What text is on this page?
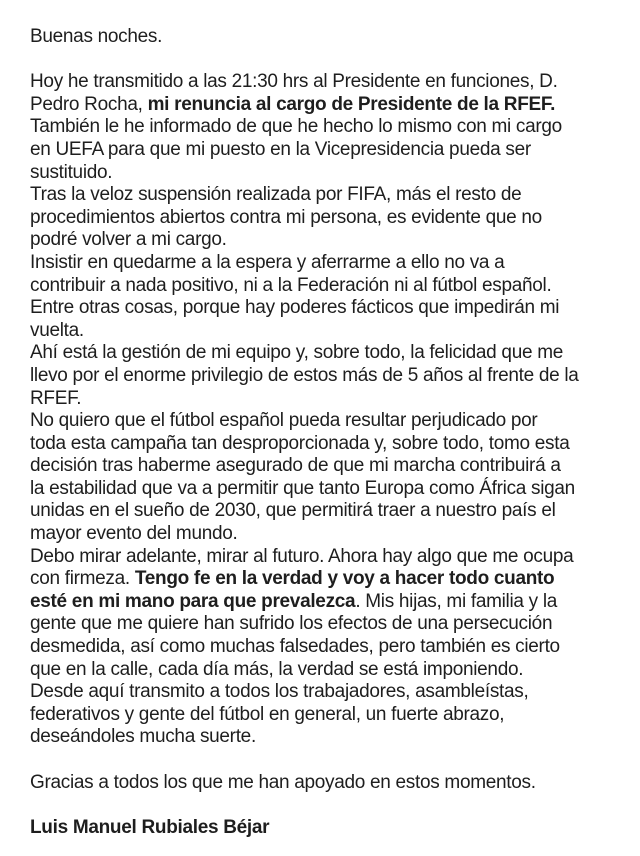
Buenas noches.
Hoy he transmitido a las 21:30 hrs al Presidente en funciones, D.
Pedro Rocha, mi renuncia al cargo de Presidente de la RFEF.
También le he informado de que he hecho lo mismo con mi cargo
en UEFA para que mi puesto en la Vicepresidencia pueda ser
sustituido.
Tras la veloz suspensión realizada por FIFA, más el resto de
procedimientos abiertos contra mi persona, es evidente que no
podré volver a mi cargo.
Insistir en quedarme a la espera y aferrarme a ello no va a
contribuir a nada positivo, ni a la Federación ni al fútbol español.
Entre otras cosas, porque hay poderes fácticos que impedirán mi
vuelta.
Ahí está la gestión de mi equipo y, sobre todo, la felicidad que me
llevo por el enorme privilegio de estos más de 5 años al frente de la
RFEF.
No quiero que el fútbol español pueda resultar perjudicado por
toda esta campaña tan desproporcionada y, sobre todo, tomo esta
decisión tras haberme asegurado de que mi marcha contribuirá a
la estabilidad que va a permitir que tanto Europa como África sigan
unidas en el sueño de 2030, que permitirá traer a nuestro país el
mayor evento del mundo.
Debo mirar adelante, mirar al futuro. Ahora hay algo que me ocupa
con firmeza. Tengo fe en la verdad y voy a hacer todo cuanto
esté en mi mano para que prevalezca. Mis hijas, mi familia y la
gente que me quiere han sufrido los efectos de una persecución
desmedida, así como muchas falsedades, pero también es cierto
que en la calle, cada día más, la verdad se está imponiendo.
Desde aquí transmito a todos los trabajadores, asambleístas,
federativos y gente del fútbol en general, un fuerte abrazo,
deseándoles mucha suerte.
Gracias a todos los que me han apoyado en estos momentos.
Luis Manuel Rubiales Béjar
